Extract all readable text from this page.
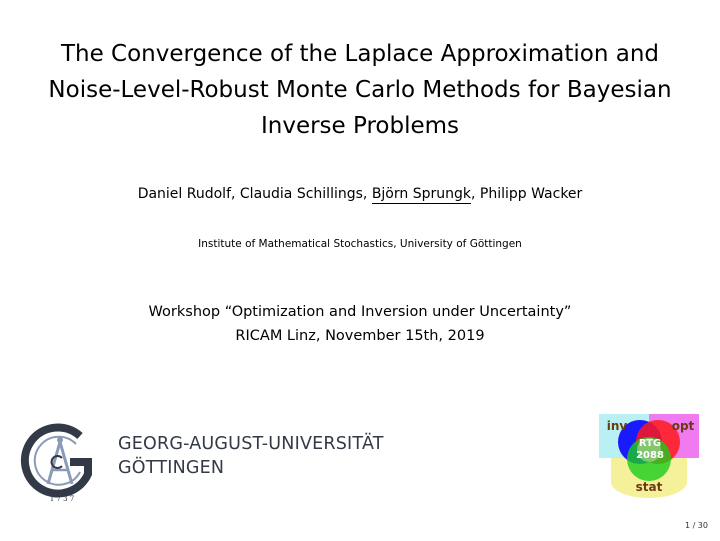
The Convergence of the Laplace Approximation and
Noise-Level-Robust Monte Carlo Methods for Bayesian
Inverse Problems
Daniel Rudolf, Claudia Schillings, Björn Sprungk, Philipp Wacker
Institute of Mathematical Stochastics, University of Göttingen
Workshop “Optimization and Inversion under Uncertainty”
RICAM Linz, November 15th, 2019
1 7 3 7
GEORG-AUGUST-UNIVERSITÄT
GÖTTINGEN
inv	opt
RTG
2088
stat
1 / 30
